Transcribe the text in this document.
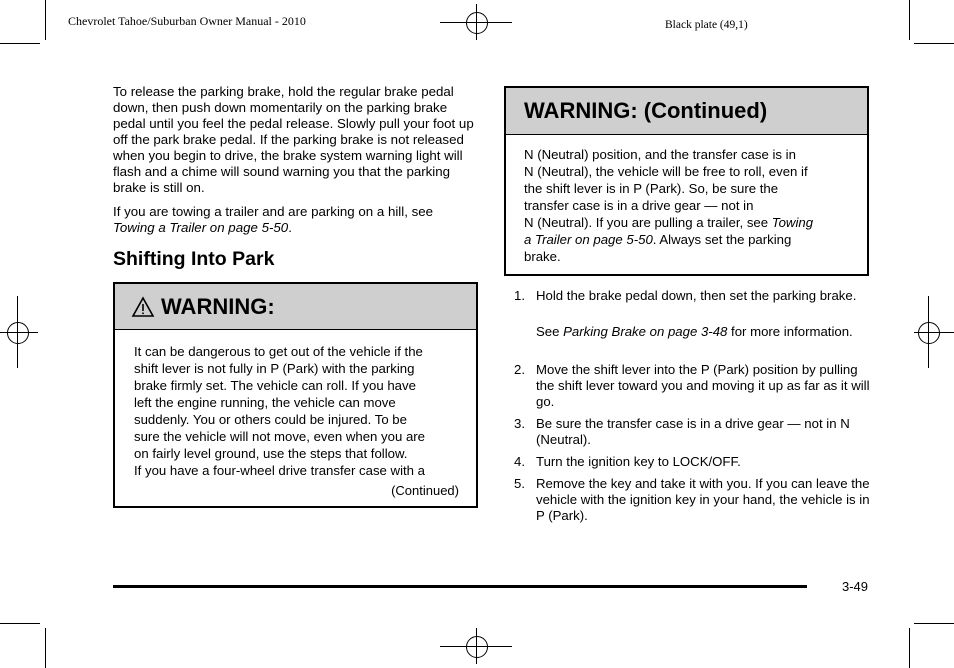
Chevrolet Tahoe/Suburban Owner Manual - 2010	Black plate (49,1)

To release the parking brake, hold the regular brake pedal down, then push down momentarily on the parking brake pedal until you feel the pedal release. Slowly pull your foot up off the park brake pedal. If the parking brake is not released when you begin to drive, the brake system warning light will flash and a chime will sound warning you that the parking brake is still on.

If you are towing a trailer and are parking on a hill, see Towing a Trailer on page 5-50.

Shifting Into Park
WARNING:
It can be dangerous to get out of the vehicle if the
shift lever is not fully in P (Park) with the parking
brake firmly set. The vehicle can roll. If you have
left the engine running, the vehicle can move
suddenly. You or others could be injured. To be
sure the vehicle will not move, even when you are
on fairly level ground, use the steps that follow.
If you have a four-wheel drive transfer case with a
(Continued)
WARNING: (Continued)
N (Neutral) position, and the transfer case is in
N (Neutral), the vehicle will be free to roll, even if
the shift lever is in P (Park). So, be sure the
transfer case is in a drive gear — not in
N (Neutral). If you are pulling a trailer, see Towing
a Trailer on page 5-50. Always set the parking
brake.
1. Hold the brake pedal down, then set the parking brake.
See Parking Brake on page 3-48 for more information.
2. Move the shift lever into the P (Park) position by pulling the shift lever toward you and moving it up as far as it will go.
3. Be sure the transfer case is in a drive gear — not in N (Neutral).
4. Turn the ignition key to LOCK/OFF.
5. Remove the key and take it with you. If you can leave the vehicle with the ignition key in your hand, the vehicle is in P (Park).
3-49
